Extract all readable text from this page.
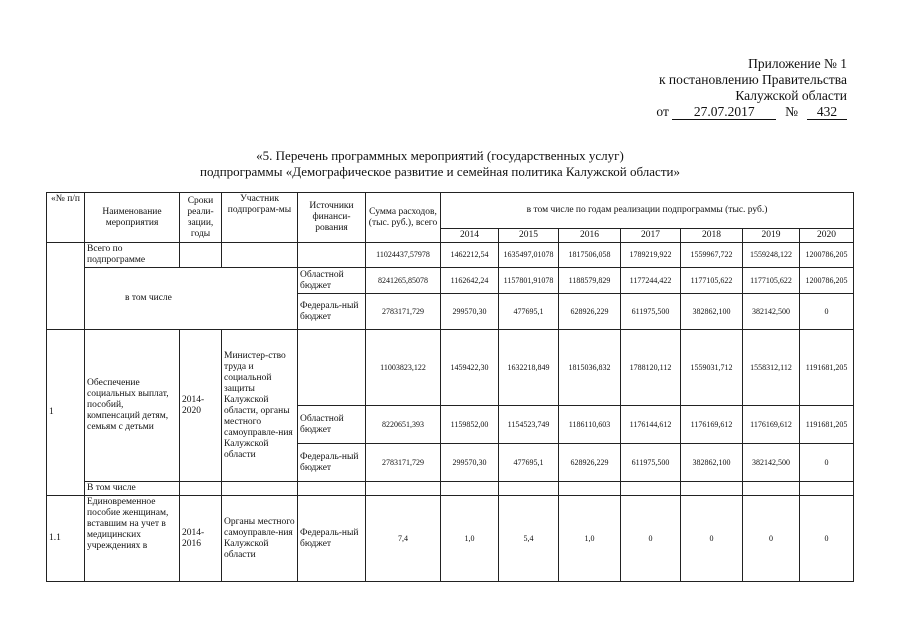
Приложение № 1
к постановлению Правительства
Калужской области
от 27.07.2017 № 432
«5. Перечень программных мероприятий (государственных услуг)
подпрограммы «Демографическое развитие и семейная политика Калужской области»
«№ п/п	Наименование мероприятия	Сроки реали-зации, годы	Участник подпрограм-мы	Источники финанси-рования	Сумма расходов, (тыс. руб.), всего	в том числе по годам реализации подпрограммы (тыс. руб.)						
						2014	2015	2016	2017	2018	2019	2020
	Всего по подпрограмме				11024437,57978	1462212,54	1635497,01078	1817506,058	1789219,922	1559967,722	1559248,122	1200786,205
	в том числе			Областной бюджет	8241265,85078	1162642,24	1157801,91078	1188579,829	1177244,422	1177105,622	1177105,622	1200786,205
				Федераль-ный бюджет	2783171,729	299570,30	477695,1	628926,229	611975,500	382862,100	382142,500	0
1	Обеспечение социальных выплат, пособий, компенсаций детям, семьям с детьми	2014-2020	Министер-ство труда и социальной защиты Калужской области, органы местного самоуправле-ния Калужской области		11003823,122	1459422,30	1632218,849	1815036,832	1788120,112	1559031,712	1558312,112	1191681,205
				Областной бюджет	8220651,393	1159852,00	1154523,749	1186110,603	1176144,612	1176169,612	1176169,612	1191681,205
				Федераль-ный бюджет	2783171,729	299570,30	477695,1	628926,229	611975,500	382862,100	382142,500	0
	В том числе											
1.1	Единовременное пособие женщинам, вставшим на учет в медицинских учреждениях в	2014-2016	Органы местного самоуправле-ния Калужской области	Федераль-ный бюджет	7,4	1,0	5,4	1,0	0	0	0	0
